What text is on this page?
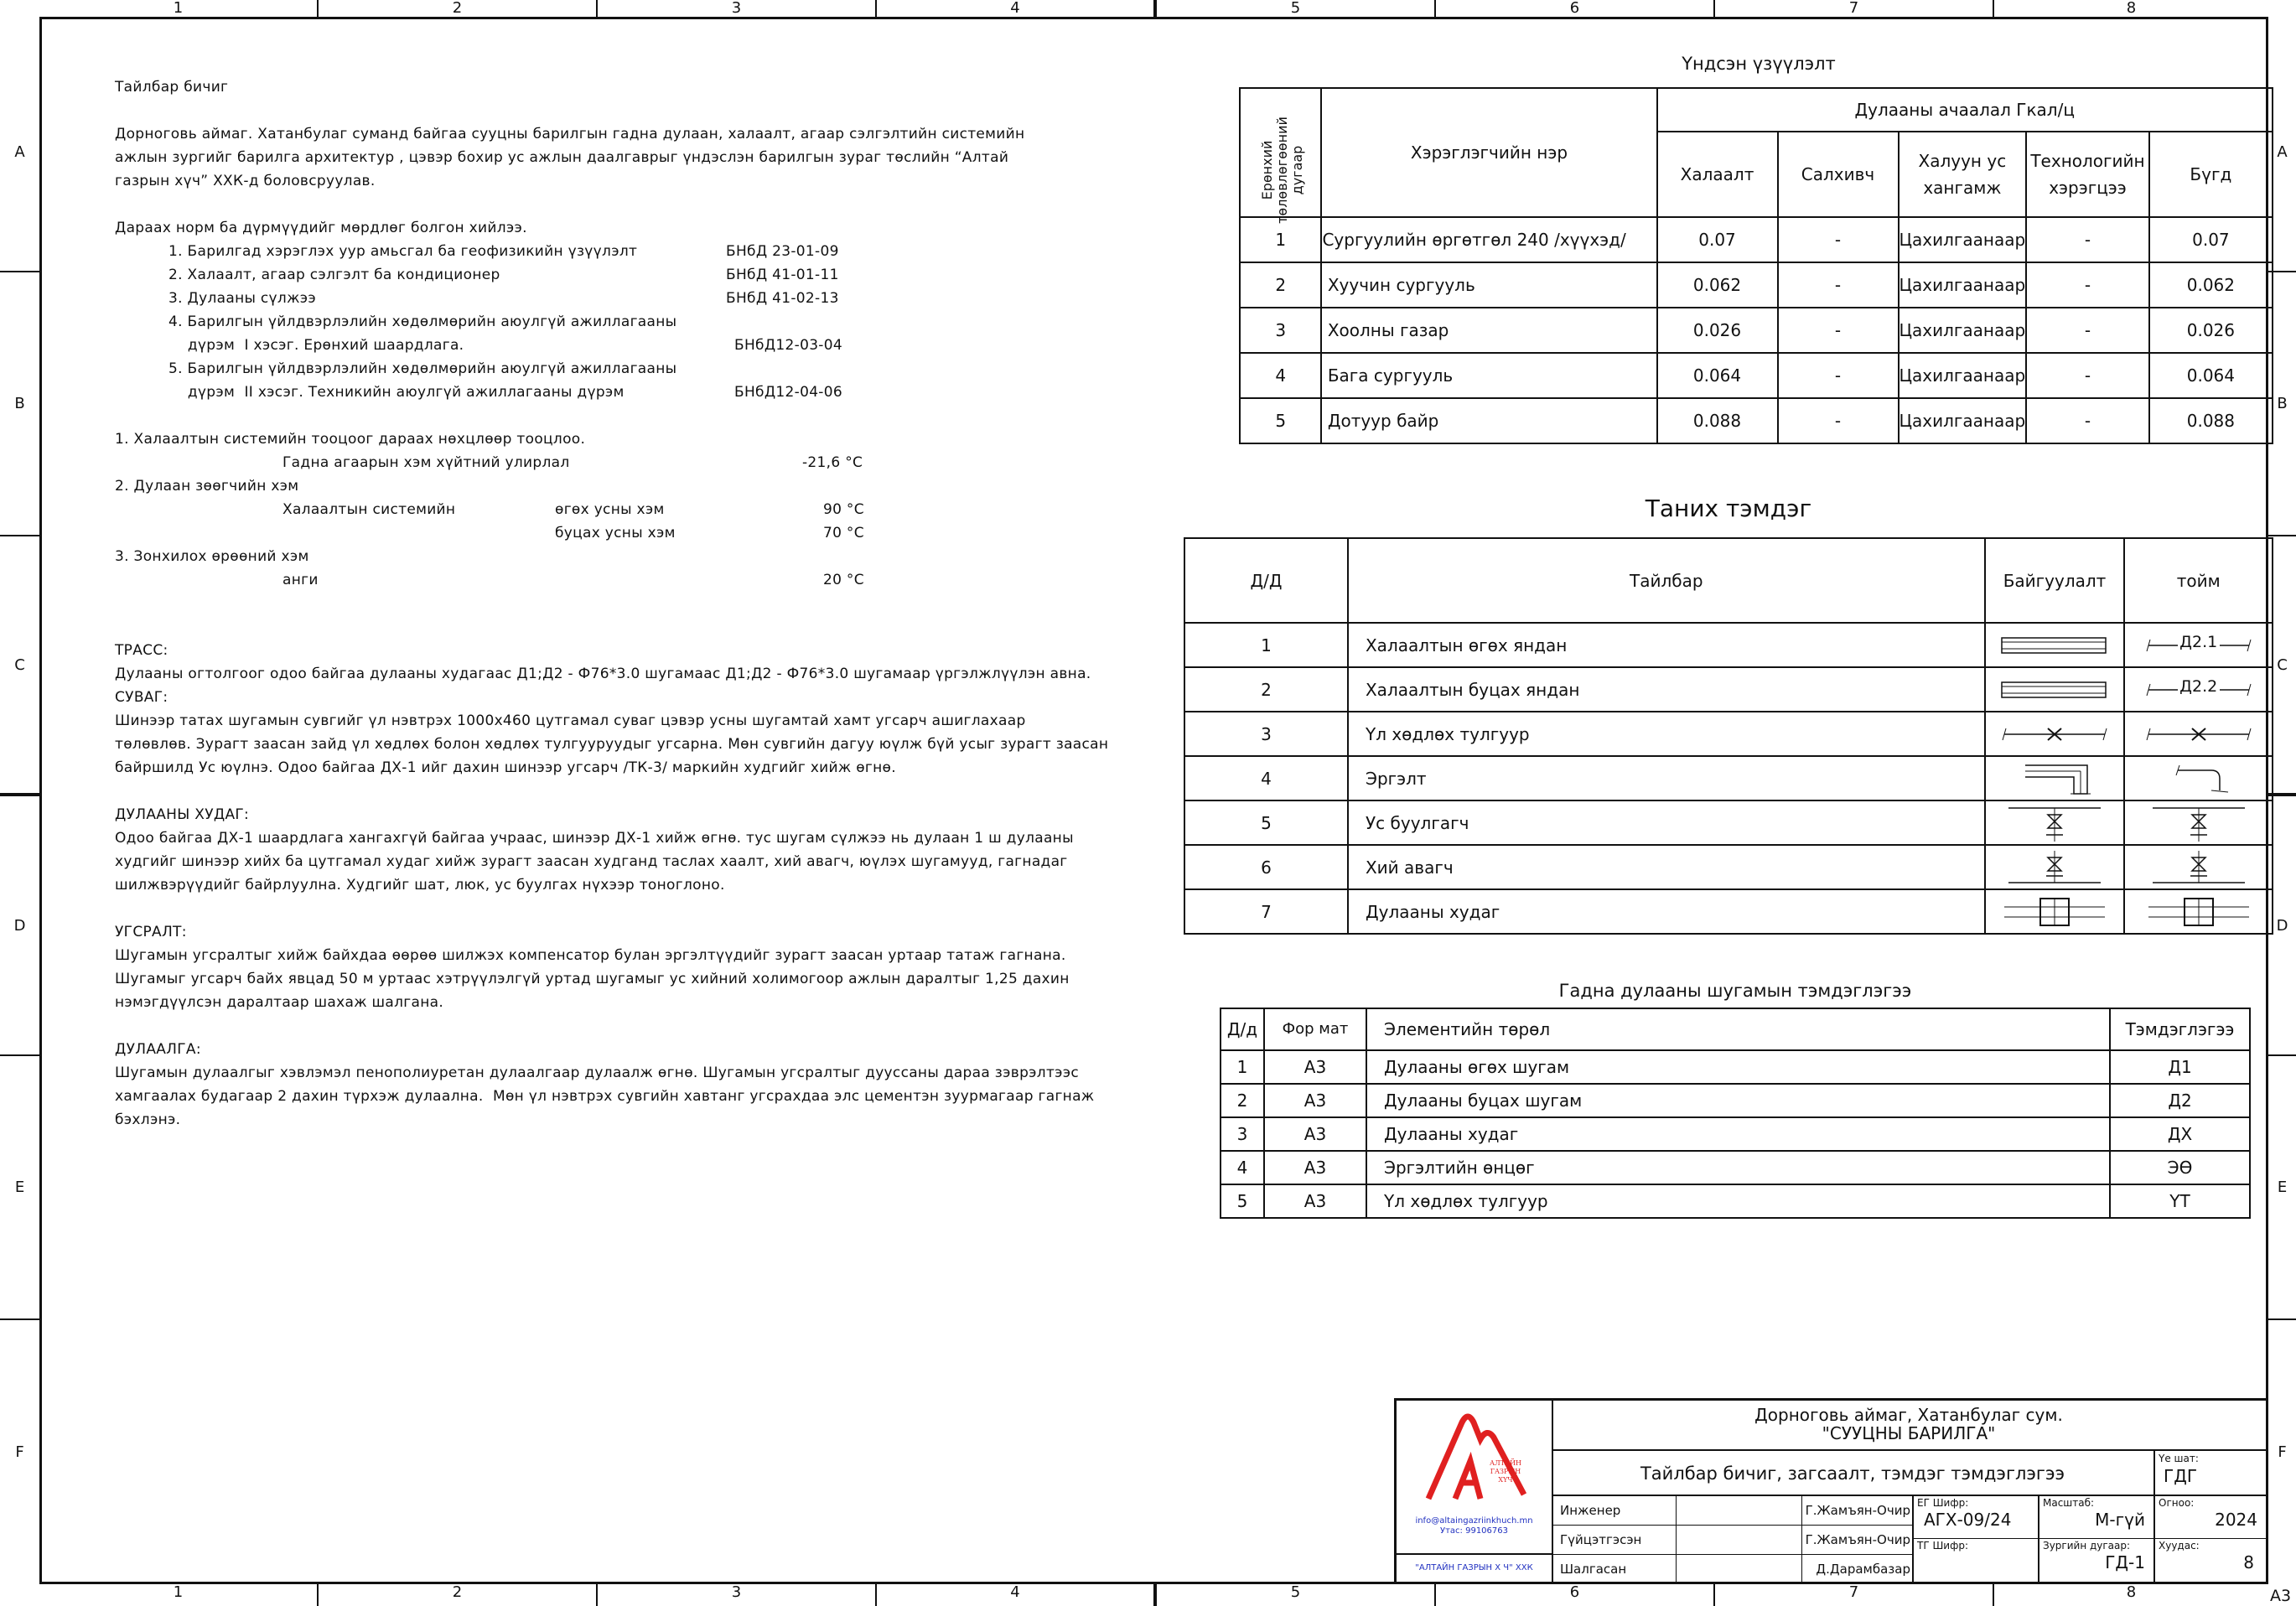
1	2	3	4	5	6	7	8
1	2	3	4	5	6	7	8	A3
A
B
C
D
E
F
A
B
C
D
E
F

Тайлбар бичиг

Дорноговь аймаг. Хатанбулаг суманд байгаа сууцны барилгын гадна дулаан, халаалт, агаар сэлгэлтийн системийн

ажлын зургийг барилга архитектур , цэвэр бохир ус ажлын даалгаврыг үндэслэн барилгын зураг төслийн “Алтай

газрын хүч” ХХК-д боловсруулав.

Дараах норм ба дүрмүүдийг мөрдлөг болгон хийлээ.

1. Барилгад хэрэглэх уур амьсгал ба геофизикийн үзүүлэлт	БНбД 23-01-09
2. Халаалт, агаар сэлгэлт ба кондиционер	БНбД 41-01-11
3. Дулааны сүлжээ	БНбД 41-02-13
4. Барилгын үйлдвэрлэлийн хөдөлмөрийн аюулгүй ажиллагааны
дүрэм  I хэсэг. Ерөнхий шаардлага.	БНбД12-03-04
5. Барилгын үйлдвэрлэлийн хөдөлмөрийн аюулгүй ажиллагааны
дүрэм  II хэсэг. Техникийн аюулгүй ажиллагааны дүрэм	БНбД12-04-06

1. Халаалтын системийн тооцоог дараах нөхцлөөр тооцлоо.

Гадна агаарын хэм хүйтний улирлал	-21,6 °С

2. Дулаан зөөгчийн хэм

Халаалтын системийн	өгөх усны хэм	90 °С
буцах усны хэм	70 °С

3. Зонхилох өрөөний хэм

анги	20 °С

ТРАСС:

Дулааны огтолгоог одоо байгаа дулааны худагаас Д1;Д2 - Ф76*3.0 шугамаас Д1;Д2 - Ф76*3.0 шугамаар үргэлжлүүлэн авна.

СУВАГ:

Шинээр татах шугамын сувгийг үл нэвтрэх 1000x460 цутгамал суваг цэвэр усны шугамтай хамт угсарч ашиглахаар

төлөвлөв. Зурагт заасан зайд үл хөдлөх болон хөдлөх тулгууруудыг угсарна. Мөн сувгийн дагуу юүлж бүй усыг зурагт заасан

байршилд Ус юүлнэ. Одоо байгаа ДХ-1 ийг дахин шинээр угсарч /ТК-3/ маркийн худгийг хийж өгнө.

ДУЛААНЫ ХУДАГ:

Одоо байгаа ДХ-1 шаардлага хангахгүй байгаа учраас, шинээр ДХ-1 хийж өгнө. тус шугам сүлжээ нь дулаан 1 ш дулааны

худгийг шинээр хийх ба цутгамал худаг хийж зурагт заасан худганд таслах хаалт, хий авагч, юүлэх шугамууд, гагнадаг

шилжвэрүүдийг байрлуулна. Худгийг шат, люк, ус буулгах нүхээр тоноглоно.

УГСРАЛТ:

Шугамын угсралтыг хийж байхдаа өөрөө шилжэх компенсатор булан эргэлтүүдийг зурагт заасан уртаар татаж гагнана.

Шугамыг угсарч байх явцад 50 м уртаас хэтрүүлэлгүй уртад шугамыг ус хийний холимогоор ажлын даралтыг 1,25 дахин

нэмэгдүүлсэн даралтаар шахаж шалгана.

ДУЛААЛГА:

Шугамын дулаалгыг хэвлэмэл пенополиуретан дулаалгаар дулаалж өгнө. Шугамын угсралтыг дууссаны дараа зэврэлтээс

хамгаалах будагаар 2 дахин түрхэж дулаална.  Мөн үл нэвтрэх сувгийн хавтанг угсрахдаа элс цементэн зуурмагаар гагнаж

бэхлэнэ.

Үндсэн үзүүлэлт
Ерөнхий төлөвлөгөөний дугаар	Хэрэглэгчийн нэр	Дулааны ачаалал Гкал/ц				
		Халаалт	Салхивч	Халуун ус хангамж	Технологийн хэрэгцээ	Бүгд
1	Сургуулийн өргөтгөл 240 /хүүхэд/	0.07	-	Цахилгаанаар	-	0.07
2	Хуучин сургууль	0.062	-	Цахилгаанаар	-	0.062
3	Хоолны газар	0.026	-	Цахилгаанаар	-	0.026
4	Бага сургууль	0.064	-	Цахилгаанаар	-	0.064
5	Дотуур байр	0.088	-	Цахилгаанаар	-	0.088
Таних тэмдэг
Д/Д	Тайлбар	Байгуулалт	тойм
1	Халаалтын өгөх яндан		Д2.1

2	Халаалтын буцах яндан		Д2.2

3	Үл хөдлөх тулгуур	

4	Эргэлт	

5	Ус буулгагч	

6	Хий авагч	

7	Дулааны худаг	

Гадна дулааны шугамын тэмдэглэгээ
Д/д	Фор мат	Элементийн төрөл	Тэмдэглэгээ
1	А3	Дулааны өгөх шугам	Д1
2	А3	Дулааны буцах шугам	Д2
3	А3	Дулааны худаг	ДХ
4	А3	Эргэлтийн өнцөг	ЭӨ
5	А3	Үл хөдлөх тулгуур	ҮТ
АЛТАЙН ГАЗРЫН ХҮЧ
info@altaingazriinkhuch.mn
Утас: 99106763
"АЛТАЙН ГАЗРЫН Х Ч" ХХК
Дорноговь аймаг, Хатанбулаг сум.
"СУУЦНЫ БАРИЛГА"
Тайлбар бичиг, загсаалт, тэмдэг тэмдэглэгээ
Үе шат:
ГДГ
Инженер	Г.Жамъян-Очир
Гүйцэтгэсэн	Г.Жамъян-Очир
Шалгасан	Д.Дарамбазар
ЕГ Шифр:
АГХ-09/24
ТГ Шифр:
Масштаб:
М-гүй
Зургийн дугаар:
ГД-1
Огноо:
2024
Хуудас:
8
